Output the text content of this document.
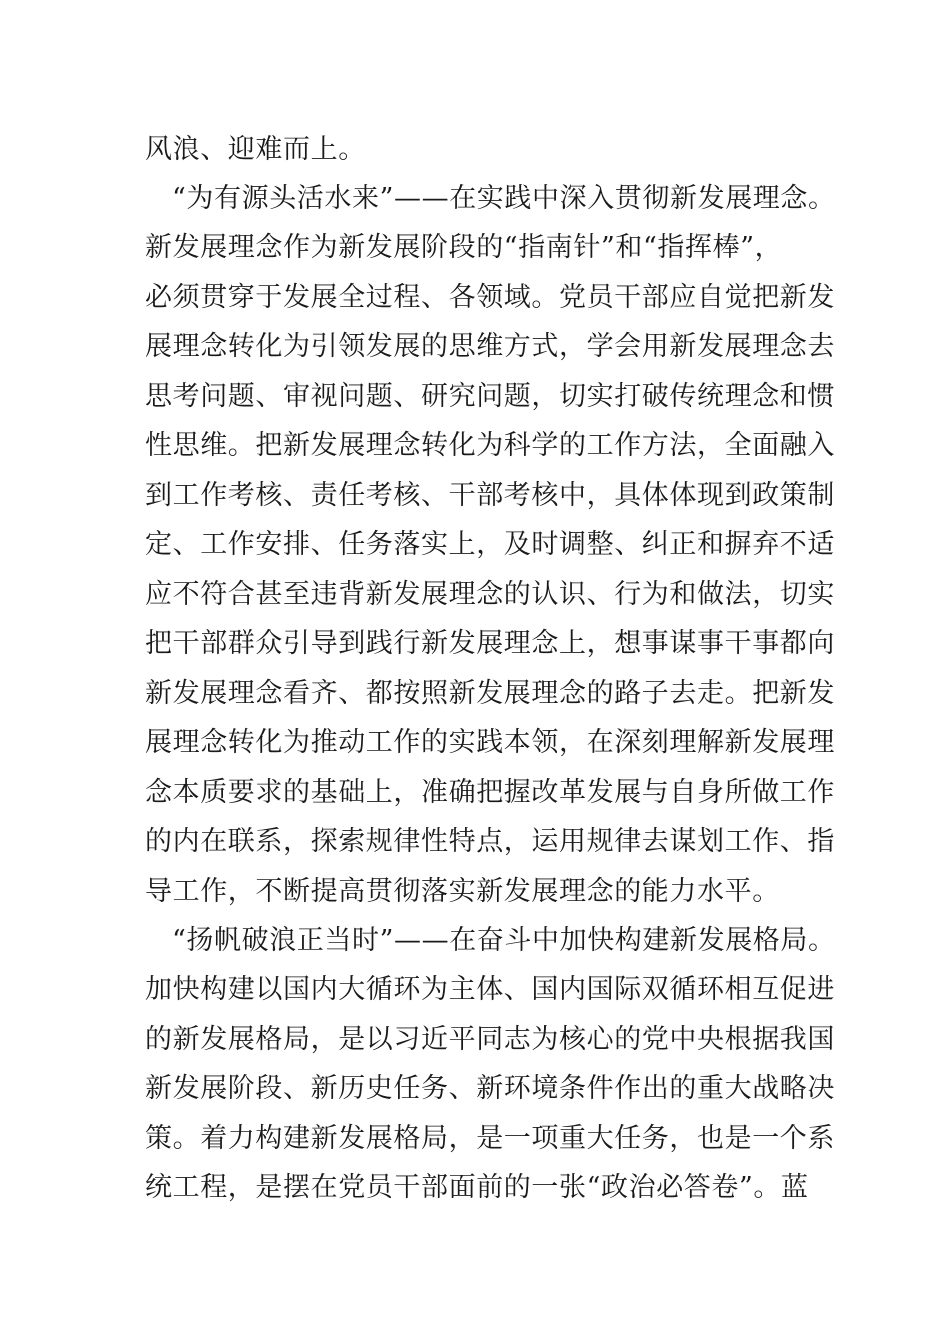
风浪、迎难而上。
“为有源头活水来”——在实践中深入贯彻新发展理念。
新发展理念作为新发展阶段的“指南针”和“指挥棒”，
必须贯穿于发展全过程、各领域。党员干部应自觉把新发
展理念转化为引领发展的思维方式，学会用新发展理念去
思考问题、审视问题、研究问题，切实打破传统理念和惯
性思维。把新发展理念转化为科学的工作方法，全面融入
到工作考核、责任考核、干部考核中，具体体现到政策制
定、工作安排、任务落实上，及时调整、纠正和摒弃不适
应不符合甚至违背新发展理念的认识、行为和做法，切实
把干部群众引导到践行新发展理念上，想事谋事干事都向
新发展理念看齐、都按照新发展理念的路子去走。把新发
展理念转化为推动工作的实践本领，在深刻理解新发展理
念本质要求的基础上，准确把握改革发展与自身所做工作
的内在联系，探索规律性特点，运用规律去谋划工作、指
导工作，不断提高贯彻落实新发展理念的能力水平。
“扬帆破浪正当时”——在奋斗中加快构建新发展格局。
加快构建以国内大循环为主体、国内国际双循环相互促进
的新发展格局，是以习近平同志为核心的党中央根据我国
新发展阶段、新历史任务、新环境条件作出的重大战略决
策。着力构建新发展格局，是一项重大任务，也是一个系
统工程，是摆在党员干部面前的一张“政治必答卷”。蓝
